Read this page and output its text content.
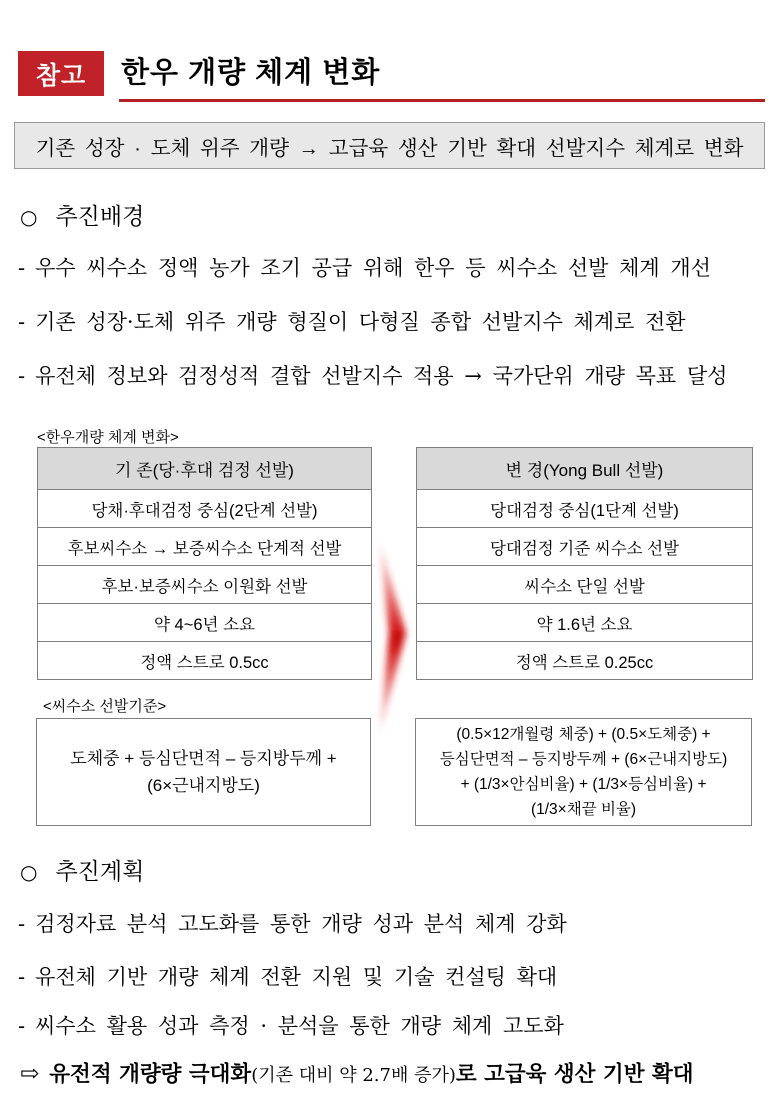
참고	한우 개량 체계 변화
기존 성장 · 도체 위주 개량 → 고급육 생산 기반 확대 선발지수 체계로 변화
○ 추진배경
- 우수 씨수소 정액 농가 조기 공급 위해 한우 등 씨수소 선발 체계 개선
- 기존 성장·도체 위주 개량 형질이 다형질 종합 선발지수 체계로 전환
- 유전체 정보와 검정성적 결합 선발지수 적용 → 국가단위 개량 목표 달성
<한우개량 체계 변화>
기 존(당·후대 검정 선발)
당채·후대검정 중심(2단계 선발)
후보씨수소 → 보증씨수소 단계적 선발
후보·보증씨수소 이원화 선발
약 4~6년 소요
정액 스트로 0.5cc
변 경(Yong Bull 선발)
당대검정 중심(1단계 선발)
당대검정 기준 씨수소 선발
씨수소 단일 선발
약 1.6년 소요
정액 스트로 0.25cc
<씨수소 선발기준>
도체중 + 등심단면적 – 등지방두께 +
(6×근내지방도)
(0.5×12개월령 체중) + (0.5×도체중) +
등심단면적 – 등지방두께 + (6×근내지방도)
+ (1/3×안심비율) + (1/3×등심비율) +
(1/3×채끝 비율)
○ 추진계획
- 검정자료 분석 고도화를 통한 개량 성과 분석 체계 강화
- 유전체 기반 개량 체계 전환 지원 및 기술 컨설팅 확대
- 씨수소 활용 성과 측정 · 분석을 통한 개량 체계 고도화
⇨ 유전적 개량량 극대화(기존 대비 약 2.7배 증가)로 고급육 생산 기반 확대
